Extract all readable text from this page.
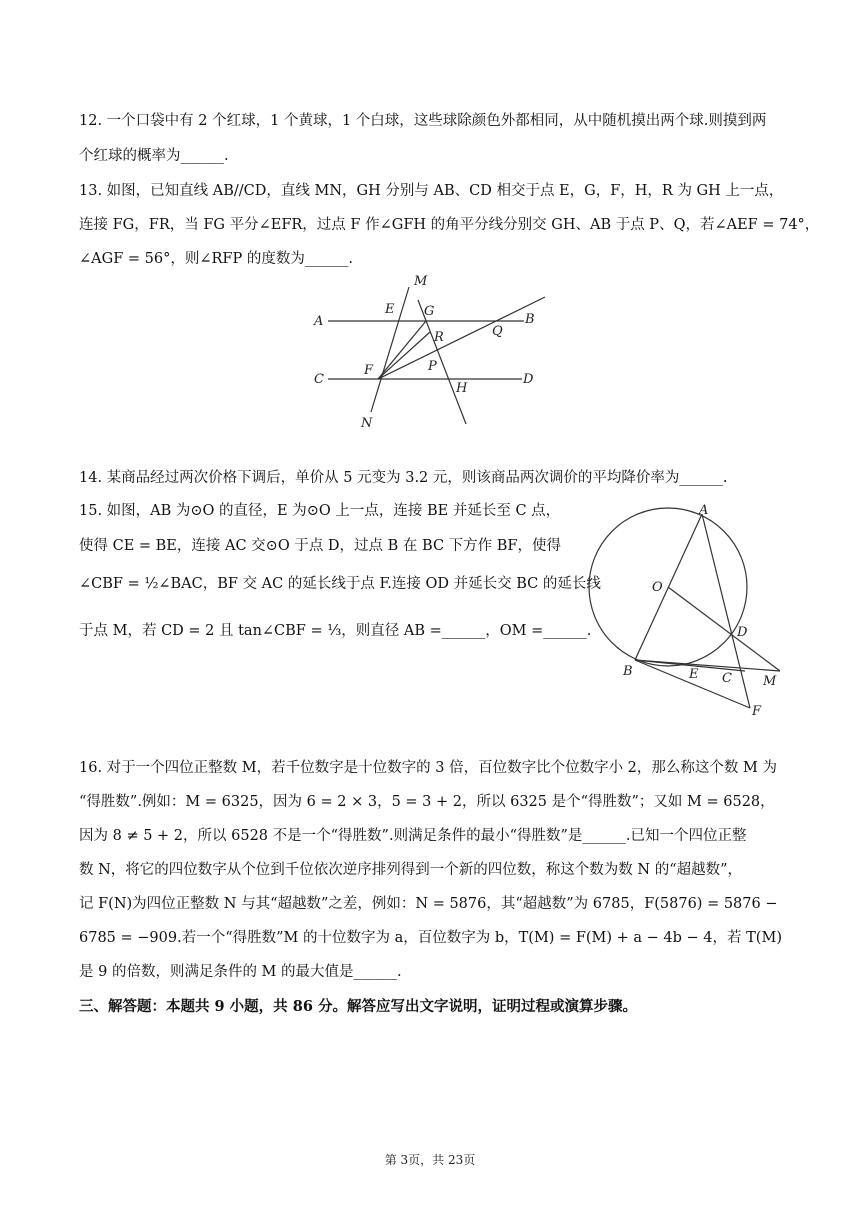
12. 一个口袋中有 2 个红球，1 个黄球，1 个白球，这些球除颜色外都相同，从中随机摸出两个球.则摸到两
个红球的概率为______.
13. 如图，已知直线 AB//CD，直线 MN，GH 分别与 AB、CD 相交于点 E，G，F，H，R 为 GH 上一点，
连接 FG，FR，当 FG 平分∠EFR，过点 F 作∠GFH 的角平分线分别交 GH、AB 于点 P、Q，若∠AEF = 74°，
∠AGF = 56°，则∠RFP 的度数为______.
A	B
C	D
E
F
G
H
M
N
P
Q
R
14. 某商品经过两次价格下调后，单价从 5 元变为 3.2 元，则该商品两次调价的平均降价率为______.
15. 如图，AB 为⊙O 的直径，E 为⊙O 上一点，连接 BE 并延长至 C 点，
使得 CE = BE，连接 AC 交⊙O 于点 D，过点 B 在 BC 下方作 BF，使得
∠CBF = ½∠BAC，BF 交 AC 的延长线于点 F.连接 OD 并延长交 BC 的延长线
于点 M，若 CD = 2 且 tan∠CBF = ⅓，则直径 AB =______，OM =______.
A
B	C
D
E
F
M
O
16. 对于一个四位正整数 M，若千位数字是十位数字的 3 倍，百位数字比个位数字小 2，那么称这个数 M 为
“得胜数”.例如：M = 6325，因为 6 = 2 × 3，5 = 3 + 2，所以 6325 是个“得胜数”；又如 M = 6528，
因为 8 ≠ 5 + 2，所以 6528 不是一个“得胜数”.则满足条件的最小“得胜数”是______.已知一个四位正整
数 N，将它的四位数字从个位到千位依次逆序排列得到一个新的四位数，称这个数为数 N 的“超越数”，
记 F(N)为四位正整数 N 与其“超越数”之差，例如：N = 5876，其“超越数”为 6785，F(5876) = 5876 −
6785 = −909.若一个“得胜数”M 的十位数字为 a，百位数字为 b，T(M) = F(M) + a − 4b − 4，若 T(M)
是 9 的倍数，则满足条件的 M 的最大值是______.
三、解答题：本题共 9 小题，共 86 分。解答应写出文字说明，证明过程或演算步骤。
第 3页，共 23页
